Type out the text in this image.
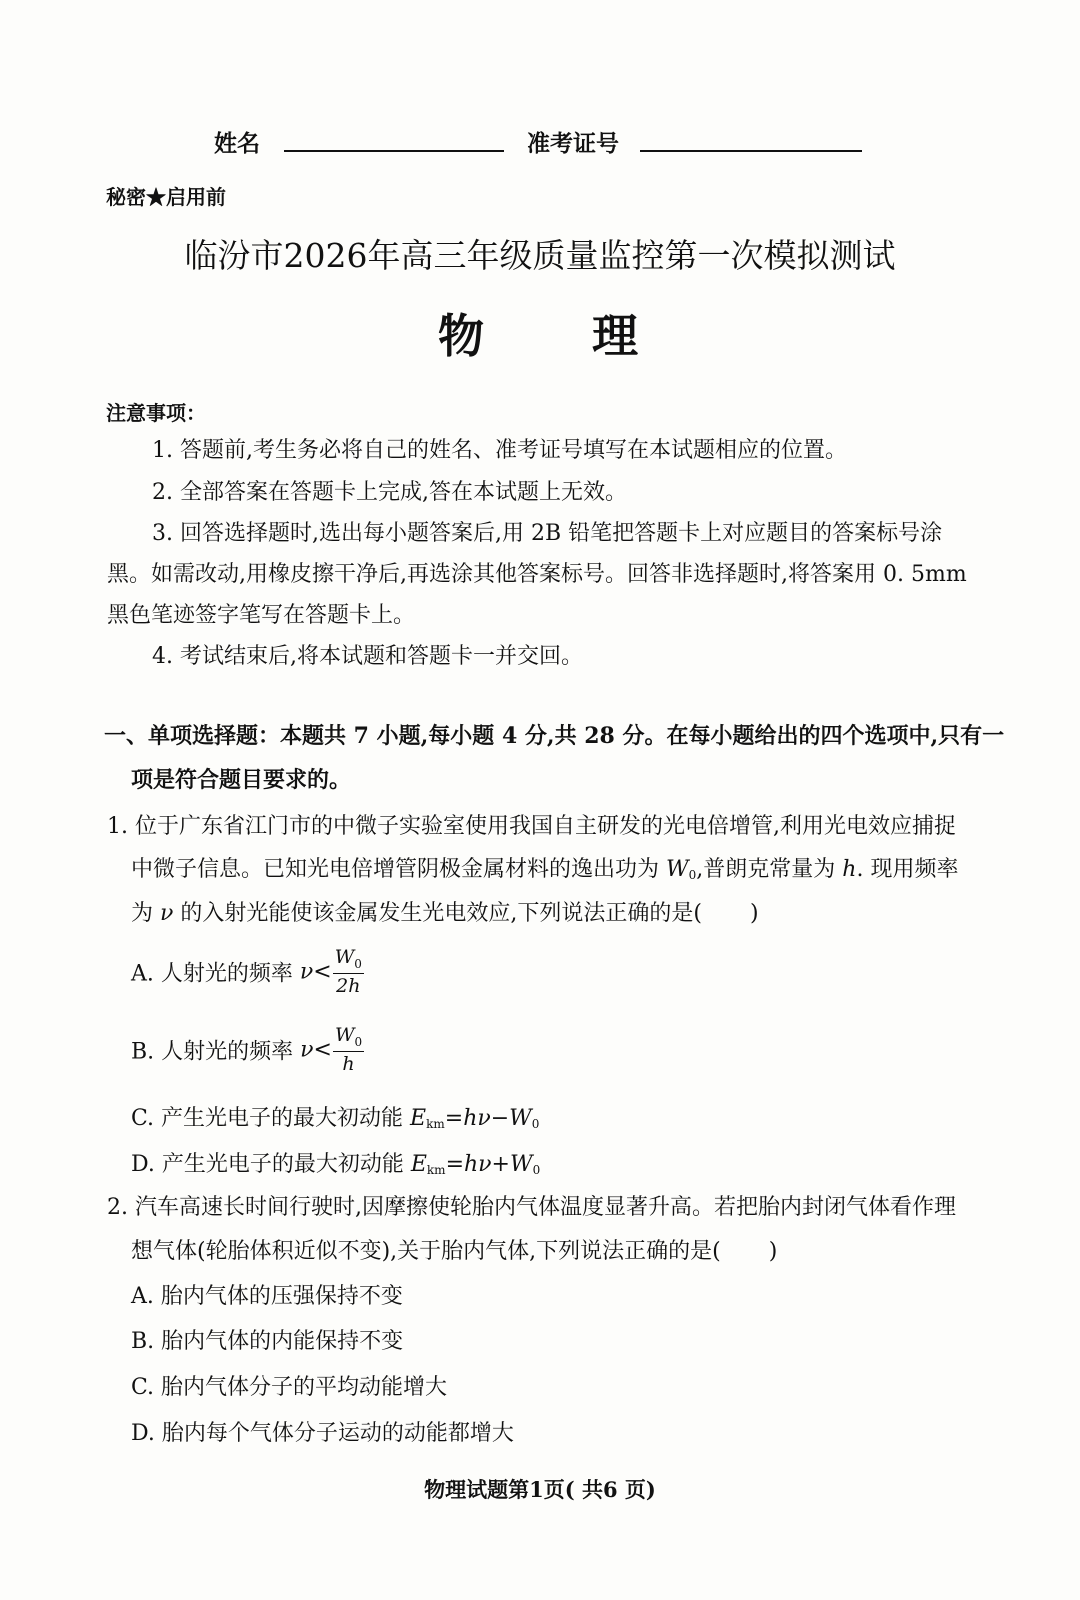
姓名	准考证号
秘密★启用前
临汾市2026年高三年级质量监控第一次模拟测试
物 理
注意事项：
1. 答题前,考生务必将自己的姓名、准考证号填写在本试题相应的位置。
2. 全部答案在答题卡上完成,答在本试题上无效。
3. 回答选择题时,选出每小题答案后,用 2B 铅笔把答题卡上对应题目的答案标号涂
黑。如需改动,用橡皮擦干净后,再选涂其他答案标号。回答非选择题时,将答案用 0. 5mm
黑色笔迹签字笔写在答题卡上。
4. 考试结束后,将本试题和答题卡一并交回。
一、单项选择题：本题共 7 小题,每小题 4 分,共 28 分。在每小题给出的四个选项中,只有一
项是符合题目要求的。
1. 位于广东省江门市的中微子实验室使用我国自主研发的光电倍增管,利用光电效应捕捉
中微子信息。已知光电倍增管阴极金属材料的逸出功为 $W_0$,普朗克常量为 h. 现用频率
为 ν 的入射光能使该金属发生光电效应,下列说法正确的是( )
A. 人射光的频率 $\nu< \frac{W_0}{2h}$
B. 人射光的频率 $\nu< \frac{W_0}{h}$
C. 产生光电子的最大初动能 $E_{km}=h\nu-W_0$
D. 产生光电子的最大初动能 $E_{km}=h\nu+W_0$
2. 汽车高速长时间行驶时,因摩擦使轮胎内气体温度显著升高。若把胎内封闭气体看作理
想气体(轮胎体积近似不变),关于胎内气体,下列说法正确的是( )
A. 胎内气体的压强保持不变
B. 胎内气体的内能保持不变
C. 胎内气体分子的平均动能增大
D. 胎内每个气体分子运动的动能都增大
物理试题第1页( 共6 页)
